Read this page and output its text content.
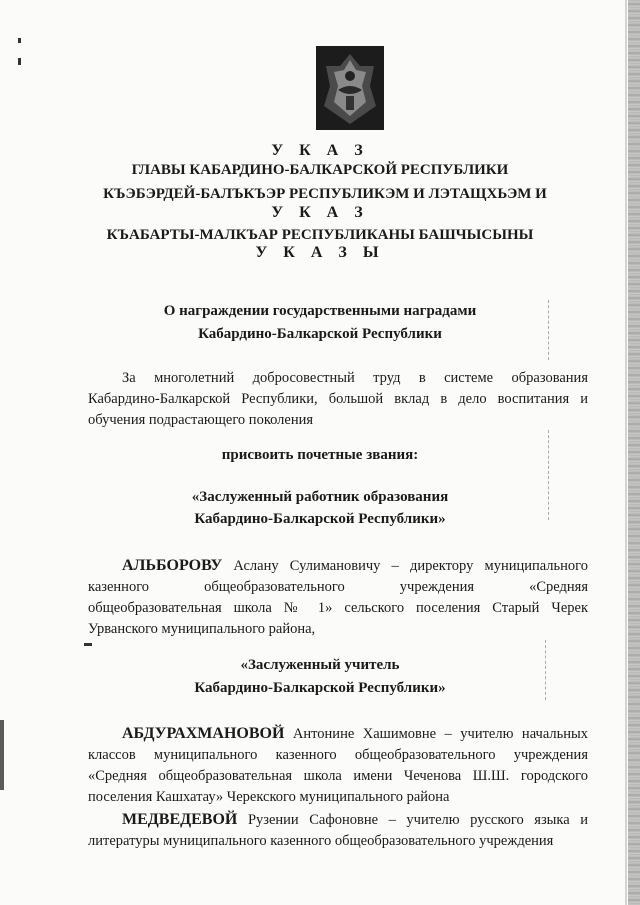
У К А З
ГЛАВЫ КАБАРДИНО-БАЛКАРСКОЙ РЕСПУБЛИКИ
КЪЭБЭРДЕЙ-БАЛЪКЪЭР РЕСПУБЛИКЭМ И ЛЭТАЩХЬЭМ И
У К А З
КЪАБАРТЫ-МАЛКЪАР РЕСПУБЛИКАНЫ БАШЧЫСЫНЫ
У К А З Ы
О награждении государственными наградами
Кабардино-Балкарской Республики
За многолетний добросовестный труд в системе образования
Кабардино-Балкарской Республики, большой вклад в дело воспитания и
обучения подрастающего поколения
присвоить почетные звания:
«Заслуженный работник образования
Кабардино-Балкарской Республики»
АЛЬБОРОВУ Аслану Сулимановичу – директору муниципального
казенного общеобразовательного учреждения «Средняя
общеобразовательная школа № 1» сельского поселения Старый Черек
Урванского муниципального района,
«Заслуженный учитель
Кабардино-Балкарской Республики»
АБДУРАХМАНОВОЙ Антонине Хашимовне – учителю начальных
классов муниципального казенного общеобразовательного учреждения
«Средняя общеобразовательная школа имени Чеченова Ш.Ш. городского
поселения Кашхатау» Черекского муниципального района
МЕДВЕДЕВОЙ Рузении Сафоновне – учителю русского языка и
литературы муниципального казенного общеобразовательного учреждения
